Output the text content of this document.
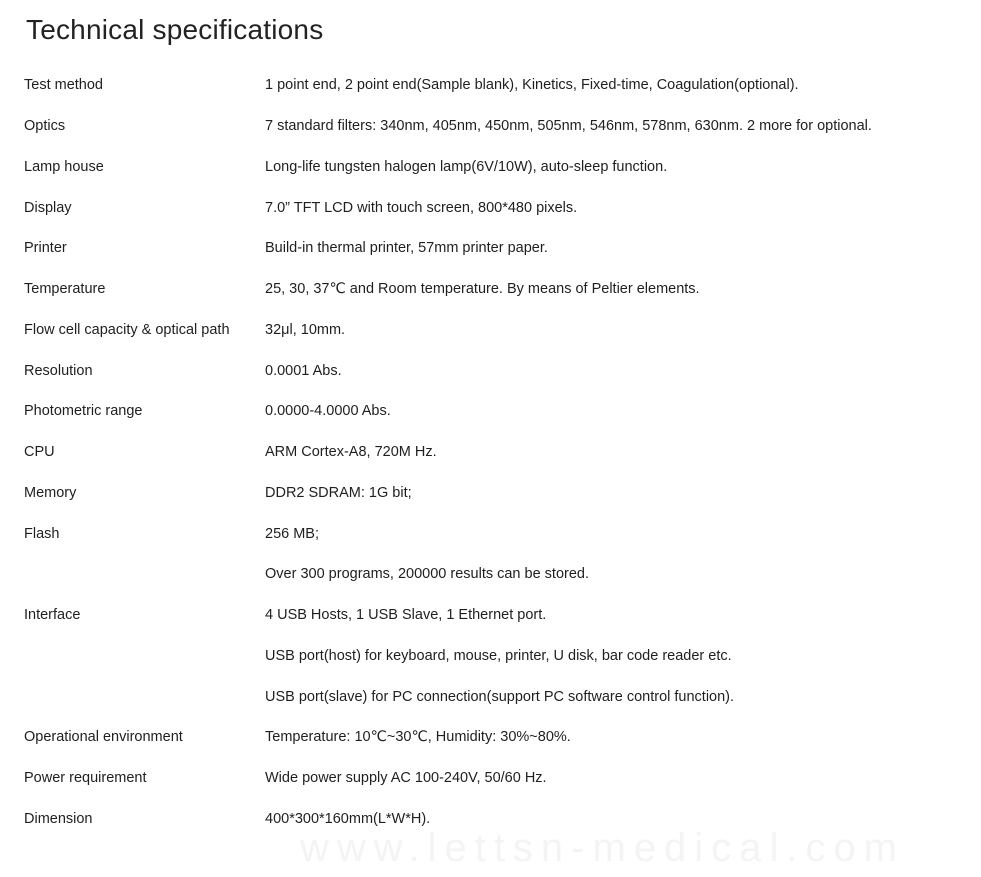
Technical specifications
Test method	1 point end, 2 point end(Sample blank), Kinetics, Fixed-time, Coagulation(optional).
Optics	7 standard filters: 340nm, 405nm, 450nm, 505nm, 546nm, 578nm, 630nm. 2 more for optional.
Lamp house	Long-life tungsten halogen lamp(6V/10W), auto-sleep function.
Display	7.0” TFT LCD with touch screen, 800*480 pixels.
Printer	Build-in thermal printer, 57mm printer paper.
Temperature	25, 30, 37℃ and Room temperature. By means of Peltier elements.
Flow cell capacity & optical path	32μl, 10mm.
Resolution	0.0001 Abs.
Photometric range	0.0000-4.0000 Abs.
CPU	ARM Cortex-A8, 720M Hz.
Memory	DDR2 SDRAM: 1G bit;
Flash	256 MB;
Over 300 programs, 200000 results can be stored.
Interface	4 USB Hosts, 1 USB Slave, 1 Ethernet port.
USB port(host) for keyboard, mouse, printer, U disk, bar code reader etc.
USB port(slave) for PC connection(support PC software control function).
Operational environment	Temperature: 10℃~30℃, Humidity: 30%~80%.
Power requirement	Wide power supply AC 100-240V, 50/60 Hz.
Dimension	400*300*160mm(L*W*H).
www.lettsn-medical.com
